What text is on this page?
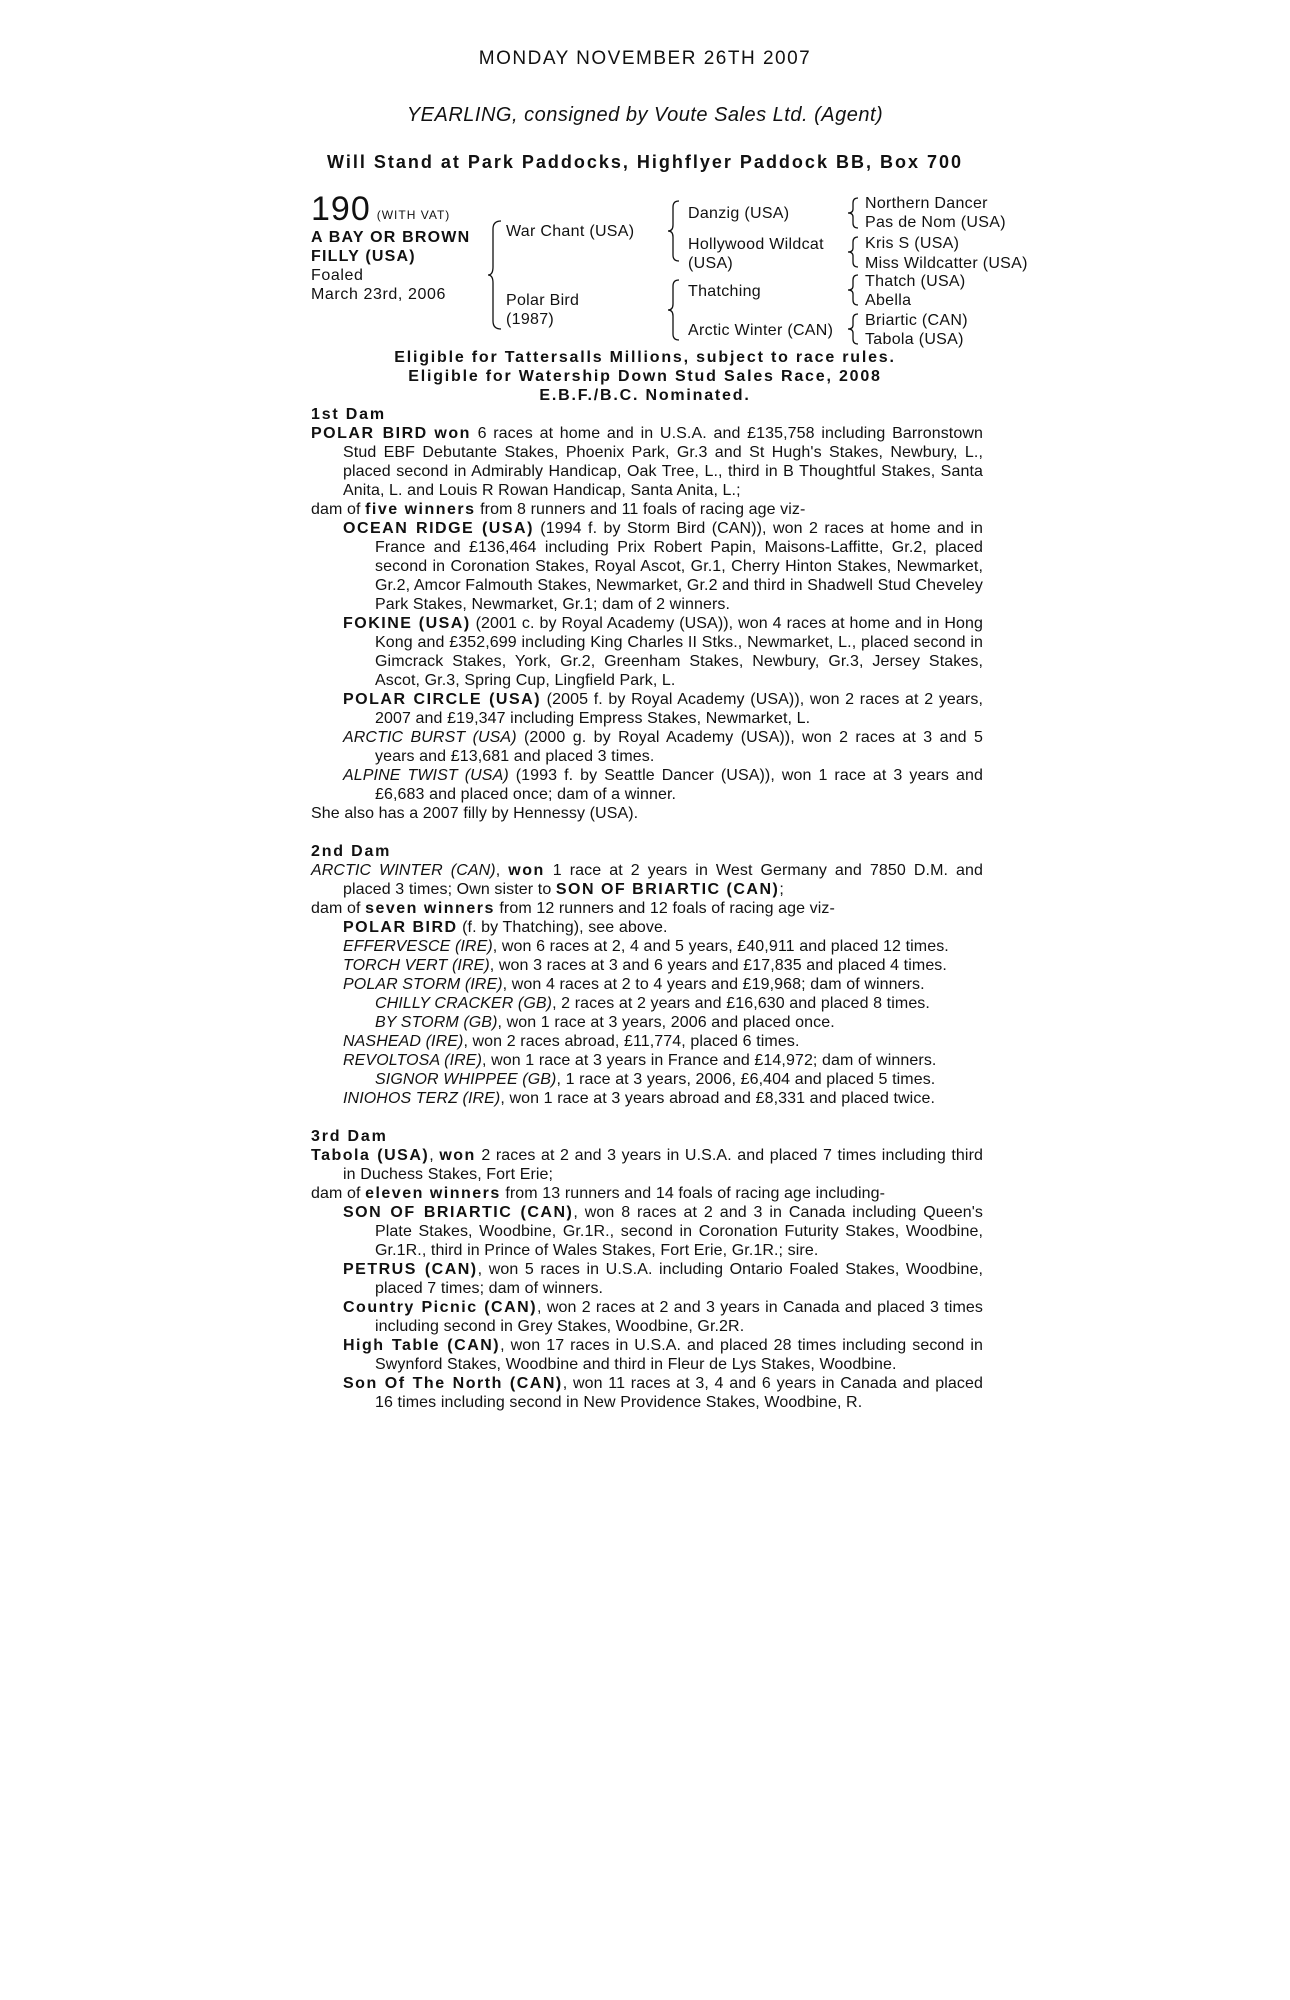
MONDAY NOVEMBER 26TH 2007
YEARLING, consigned by Voute Sales Ltd. (Agent)
Will Stand at Park Paddocks, Highflyer Paddock BB, Box 700
190 (WITH VAT)
A BAY OR BROWN
FILLY (USA)
Foaled
March 23rd, 2006
War Chant (USA)
Polar Bird
(1987)
Danzig (USA)
Hollywood Wildcat
(USA)
Thatching
Arctic Winter (CAN)
Northern Dancer
Pas de Nom (USA)
Kris S (USA)
Miss Wildcatter (USA)
Thatch (USA)
Abella
Briartic (CAN)
Tabola (USA)
Eligible for Tattersalls Millions, subject to race rules.
Eligible for Watership Down Stud Sales Race, 2008
E.B.F./B.C. Nominated.
1st Dam
POLAR BIRD won 6 races at home and in U.S.A. and £135,758 including Barronstown Stud EBF Debutante Stakes, Phoenix Park, Gr.3 and St Hugh's Stakes, Newbury, L., placed second in Admirably Handicap, Oak Tree, L., third in B Thoughtful Stakes, Santa Anita, L. and Louis R Rowan Handicap, Santa Anita, L.;
dam of five winners from 8 runners and 11 foals of racing age viz-
OCEAN RIDGE (USA) (1994 f. by Storm Bird (CAN)), won 2 races at home and in France and £136,464 including Prix Robert Papin, Maisons-Laffitte, Gr.2, placed second in Coronation Stakes, Royal Ascot, Gr.1, Cherry Hinton Stakes, Newmarket, Gr.2, Amcor Falmouth Stakes, Newmarket, Gr.2 and third in Shadwell Stud Cheveley Park Stakes, Newmarket, Gr.1; dam of 2 winners.
FOKINE (USA) (2001 c. by Royal Academy (USA)), won 4 races at home and in Hong Kong and £352,699 including King Charles II Stks., Newmarket, L., placed second in Gimcrack Stakes, York, Gr.2, Greenham Stakes, Newbury, Gr.3, Jersey Stakes, Ascot, Gr.3, Spring Cup, Lingfield Park, L.
POLAR CIRCLE (USA) (2005 f. by Royal Academy (USA)), won 2 races at 2 years, 2007 and £19,347 including Empress Stakes, Newmarket, L.
ARCTIC BURST (USA) (2000 g. by Royal Academy (USA)), won 2 races at 3 and 5 years and £13,681 and placed 3 times.
ALPINE TWIST (USA) (1993 f. by Seattle Dancer (USA)), won 1 race at 3 years and £6,683 and placed once; dam of a winner.
She also has a 2007 filly by Hennessy (USA).
2nd Dam
ARCTIC WINTER (CAN), won 1 race at 2 years in West Germany and 7850 D.M. and placed 3 times; Own sister to SON OF BRIARTIC (CAN);
dam of seven winners from 12 runners and 12 foals of racing age viz-
POLAR BIRD (f. by Thatching), see above.
EFFERVESCE (IRE), won 6 races at 2, 4 and 5 years, £40,911 and placed 12 times.
TORCH VERT (IRE), won 3 races at 3 and 6 years and £17,835 and placed 4 times.
POLAR STORM (IRE), won 4 races at 2 to 4 years and £19,968; dam of winners.
CHILLY CRACKER (GB), 2 races at 2 years and £16,630 and placed 8 times.
BY STORM (GB), won 1 race at 3 years, 2006 and placed once.
NASHEAD (IRE), won 2 races abroad, £11,774, placed 6 times.
REVOLTOSA (IRE), won 1 race at 3 years in France and £14,972; dam of winners.
SIGNOR WHIPPEE (GB), 1 race at 3 years, 2006, £6,404 and placed 5 times.
INIOHOS TERZ (IRE), won 1 race at 3 years abroad and £8,331 and placed twice.
3rd Dam
Tabola (USA), won 2 races at 2 and 3 years in U.S.A. and placed 7 times including third in Duchess Stakes, Fort Erie;
dam of eleven winners from 13 runners and 14 foals of racing age including-
SON OF BRIARTIC (CAN), won 8 races at 2 and 3 in Canada including Queen's Plate Stakes, Woodbine, Gr.1R., second in Coronation Futurity Stakes, Woodbine, Gr.1R., third in Prince of Wales Stakes, Fort Erie, Gr.1R.; sire.
PETRUS (CAN), won 5 races in U.S.A. including Ontario Foaled Stakes, Woodbine, placed 7 times; dam of winners.
Country Picnic (CAN), won 2 races at 2 and 3 years in Canada and placed 3 times including second in Grey Stakes, Woodbine, Gr.2R.
High Table (CAN), won 17 races in U.S.A. and placed 28 times including second in Swynford Stakes, Woodbine and third in Fleur de Lys Stakes, Woodbine.
Son Of The North (CAN), won 11 races at 3, 4 and 6 years in Canada and placed 16 times including second in New Providence Stakes, Woodbine, R.
